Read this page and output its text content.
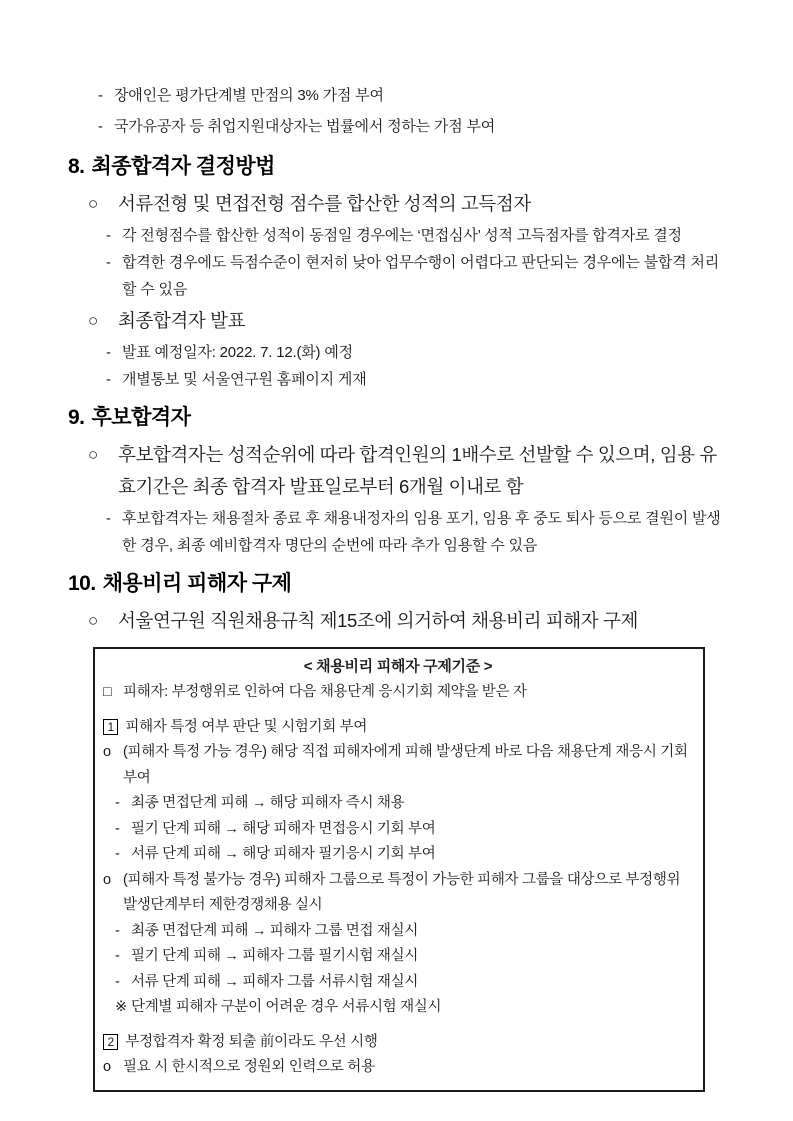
- 장애인은 평가단계별 만점의 3% 가점 부여
- 국가유공자 등 취업지원대상자는 법률에서 정하는 가점 부여
8. 최종합격자 결정방법
○	서류전형 및 면접전형 점수를 합산한 성적의 고득점자
- 각 전형점수를 합산한 성적이 동점일 경우에는 ‘면접심사’ 성적 고득점자를 합격자로 결정
- 합격한 경우에도 득점수준이 현저히 낮아 업무수행이 어렵다고 판단되는 경우에는 불합격 처리할 수 있음
○	최종합격자 발표
- 발표 예정일자: 2022. 7. 12.(화) 예정
- 개별통보 및 서울연구원 홈페이지 게재
9. 후보합격자
○	후보합격자는 성적순위에 따라 합격인원의 1배수로 선발할 수 있으며, 임용 유효기간은 최종 합격자 발표일로부터 6개월 이내로 함
- 후보합격자는 채용절차 종료 후 채용내정자의 임용 포기, 임용 후 중도 퇴사 등으로 결원이 발생한 경우, 최종 예비합격자 명단의 순번에 따라 추가 임용할 수 있음
10. 채용비리 피해자 구제
○	서울연구원 직원채용규칙 제15조에 의거하여 채용비리 피해자 구제
< 채용비리 피해자 구제기준 >
□ 피해자: 부정행위로 인하여 다음 채용단계 응시기회 제약을 받은 자
1 피해자 특정 여부 판단 및 시험기회 부여
o (피해자 특정 가능 경우) 해당 직접 피해자에게 피해 발생단계 바로 다음 채용단계 재응시 기회 부여
- 최종 면접단계 피해 → 해당 피해자 즉시 채용
- 필기 단계 피해 → 해당 피해자 면접응시 기회 부여
- 서류 단계 피해 → 해당 피해자 필기응시 기회 부여
o (피해자 특정 불가능 경우) 피해자 그룹으로 특정이 가능한 피해자 그룹을 대상으로 부정행위 발생단계부터 제한경쟁채용 실시
- 최종 면접단계 피해 → 피해자 그룹 면접 재실시
- 필기 단계 피해 → 피해자 그룹 필기시험 재실시
- 서류 단계 피해 → 피해자 그룹 서류시험 재실시
※ 단계별 피해자 구분이 어려운 경우 서류시험 재실시
2 부정합격자 확정 퇴출 前이라도 우선 시행
o 필요 시 한시적으로 정원외 인력으로 허용
